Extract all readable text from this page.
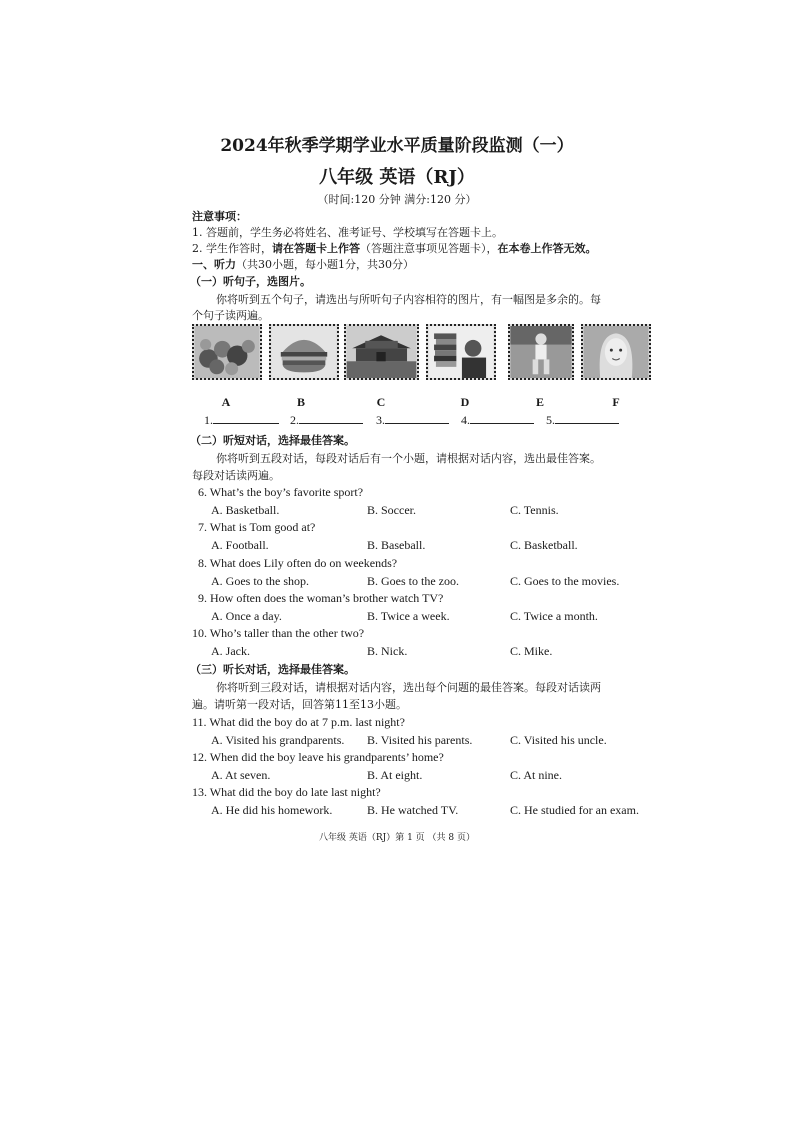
2024年秋季学期学业水平质量阶段监测（一）
八年级 英语（RJ）
（时间:120 分钟 满分:120 分）
注意事项：
1. 答题前，学生务必将姓名、准考证号、学校填写在答题卡上。
2. 学生作答时，请在答题卡上作答（答题注意事项见答题卡），在本卷上作答无效。
一、听力（共30小题，每小题1分，共30分）
（一）听句子，选图片。
你将听到五个句子，请选出与所听句子内容相符的图片，有一幅图是多余的。每
个句子读两遍。
A	B	C	D	E	F
1.	2.	3.	4.	5.
（二）听短对话，选择最佳答案。
你将听到五段对话，每段对话后有一个小题，请根据对话内容，选出最佳答案。
每段对话读两遍。
6. What’s the boy’s favorite sport?
A. Basketball.	B. Soccer.	C. Tennis.
7. What is Tom good at?
A. Football.	B. Baseball.	C. Basketball.
8. What does Lily often do on weekends?
A. Goes to the shop.	B. Goes to the zoo.	C. Goes to the movies.
9. How often does the woman’s brother watch TV?
A. Once a day.	B. Twice a week.	C. Twice a month.
10. Who’s taller than the other two?
A. Jack.	B. Nick.	C. Mike.
（三）听长对话，选择最佳答案。
你将听到三段对话，请根据对话内容，选出每个问题的最佳答案。每段对话读两
遍。请听第一段对话，回答第11至13小题。
11. What did the boy do at 7 p.m. last night?
A. Visited his grandparents. B. Visited his parents.	C. Visited his uncle.
12. When did the boy leave his grandparents’ home?
A. At seven.	B. At eight.	C. At nine.
13. What did the boy do late last night?
A. He did his homework.	B. He watched TV.	C. He studied for an exam.
八年级 英语（RJ）第 1 页 （共 8 页）
